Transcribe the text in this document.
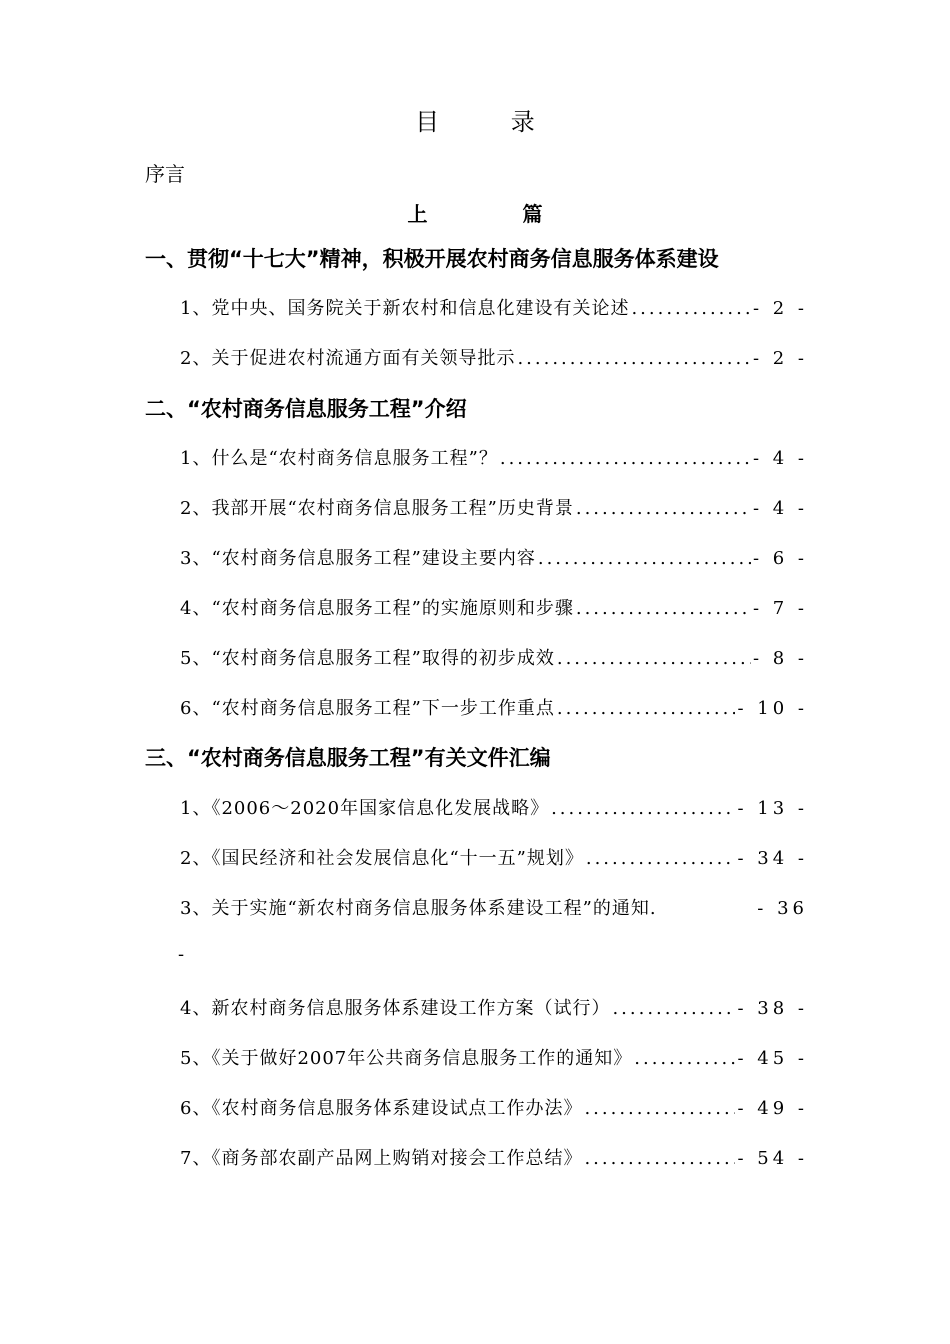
目 录
序言
上 篇
一、贯彻“十七大”精神，积极开展农村商务信息服务体系建设
1、党中央、国务院关于新农村和信息化建设有关论述 .....	- 2 -
2、关于促进农村流通方面有关领导批示 .....	- 2 -
二、“农村商务信息服务工程”介绍
1、什么是“农村商务信息服务工程”？ .....	- 4 -
2、我部开展“农村商务信息服务工程”历史背景 .....	- 4 -
3、“农村商务信息服务工程”建设主要内容 .....	- 6 -
4、“农村商务信息服务工程”的实施原则和步骤 .....	- 7 -
5、“农村商务信息服务工程”取得的初步成效 .....	- 8 -
6、“农村商务信息服务工程”下一步工作重点 .....	- 10 -
三、“农村商务信息服务工程”有关文件汇编
1、《2006～2020年国家信息化发展战略》 .....	- 13 -
2、《国民经济和社会发展信息化“十一五”规划》 .....	- 34 -
3、关于实施“新农村商务信息服务体系建设工程”的通知.	- 36
-
4、新农村商务信息服务体系建设工作方案（试行） .....	- 38 -
5、《关于做好2007年公共商务信息服务工作的通知》 .....	- 45 -
6、《农村商务信息服务体系建设试点工作办法》 .....	- 49 -
7、《商务部农副产品网上购销对接会工作总结》 .....	- 54 -
